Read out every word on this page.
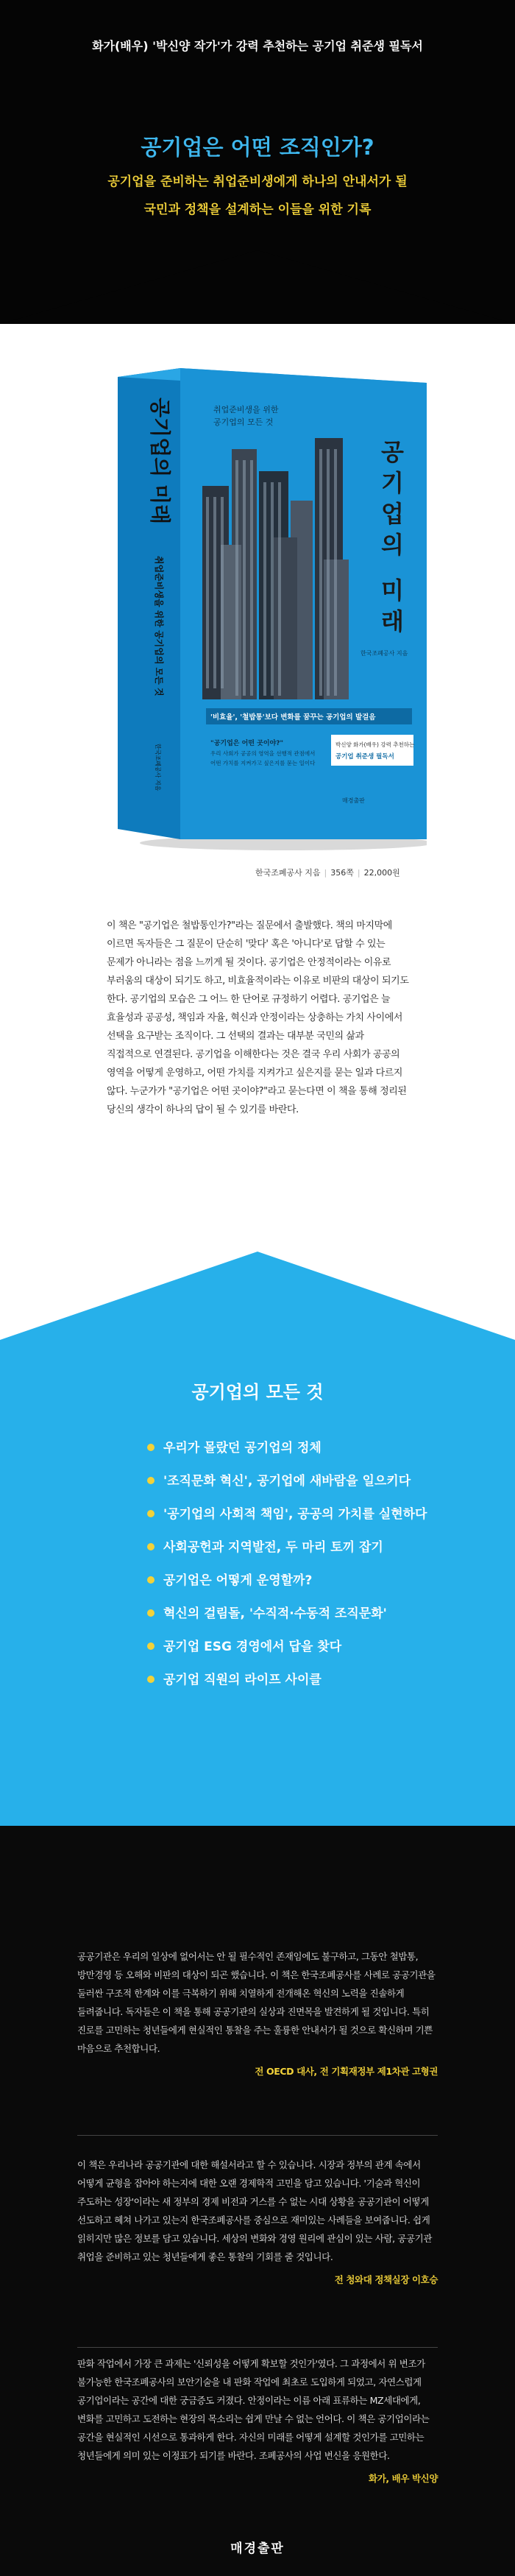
화가(배우) '박신양 작가'가 강력 추천하는 공기업 취준생 필독서
공기업은 어떤 조직인가?
공기업을 준비하는 취업준비생에게 하나의 안내서가 될
국민과 정책을 설계하는 이들을 위한 기록
공
기
업
의
미
래
취업준비생을 위한
공기업의 모든 것
한국조폐공사 지음
'비효율', '철밥통'보다 변화를 꿈꾸는 공기업의 발걸음
"공기업은 어떤 곳이야?"
우리 사회가 공공의 영역을 선행적 관점에서
어떤 가치를 지켜가고 싶은지를 묻는 일이다
박신양 화가(배우) 강력 추천하는
공기업 취준생 필독서
매경출판
공기업의 미래
취업준비생을 위한 공기업의 모든 것
한국조폐공사 지음
한국조폐공사 지음 | 356쪽 | 22,000원

이 책은 "공기업은 철밥통인가?"라는 질문에서 출발했다. 책의 마지막에 이르면 독자들은 그 질문이 단순히 '맞다' 혹은 '아니다'로 답할 수 있는 문제가 아니라는 점을 느끼게 될 것이다. 공기업은 안정적이라는 이유로 부러움의 대상이 되기도 하고, 비효율적이라는 이유로 비판의 대상이 되기도 한다. 공기업의 모습은 그 어느 한 단어로 규정하기 어렵다. 공기업은 늘 효율성과 공공성, 책임과 자율, 혁신과 안정이라는 상충하는 가치 사이에서 선택을 요구받는 조직이다. 그 선택의 결과는 대부분 국민의 삶과 직접적으로 연결된다. 공기업을 이해한다는 것은 결국 우리 사회가 공공의 영역을 어떻게 운영하고, 어떤 가치를 지켜가고 싶은지를 묻는 일과 다르지 않다. 누군가가 "공기업은 어떤 곳이야?"라고 묻는다면 이 책을 통해 정리된 당신의 생각이 하나의 답이 될 수 있기를 바란다.

공기업의 모든 것
우리가 몰랐던 공기업의 정체
'조직문화 혁신', 공기업에 새바람을 일으키다
'공기업의 사회적 책임', 공공의 가치를 실현하다
사회공헌과 지역발전, 두 마리 토끼 잡기
공기업은 어떻게 운영할까?
혁신의 걸림돌, '수직적·수동적 조직문화'
공기업 ESG 경영에서 답을 찾다
공기업 직원의 라이프 사이클

공공기관은 우리의 일상에 없어서는 안 될 필수적인 존재임에도 불구하고, 그동안 철밥통, 방만경영 등 오해와 비판의 대상이 되곤 했습니다. 이 책은 한국조폐공사를 사례로 공공기관을 둘러싼 구조적 한계와 이를 극복하기 위해 치열하게 전개해온 혁신의 노력을 진솔하게 들려줍니다. 독자들은 이 책을 통해 공공기관의 실상과 진면목을 발견하게 될 것입니다. 특히 진로를 고민하는 청년들에게 현실적인 통찰을 주는 훌륭한 안내서가 될 것으로 확신하며 기쁜 마음으로 추천합니다.

전 OECD 대사, 전 기획재정부 제1차관 고형권

이 책은 우리나라 공공기관에 대한 해설서라고 할 수 있습니다. 시장과 정부의 관계 속에서 어떻게 균형을 잡아야 하는지에 대한 오랜 경제학적 고민을 담고 있습니다. '기술과 혁신이 주도하는 성장'이라는 새 정부의 경제 비전과 거스를 수 없는 시대 상황을 공공기관이 어떻게 선도하고 혜쳐 나가고 있는지 한국조폐공사를 중심으로 재미있는 사례들을 보여줍니다. 쉽게 읽히지만 많은 정보를 담고 있습니다. 세상의 변화와 경영 원리에 관심이 있는 사람, 공공기관 취업을 준비하고 있는 청년들에게 좋은 통찰의 기회를 줄 것입니다.

전 청와대 정책실장 이호승

판화 작업에서 가장 큰 과제는 '신뢰성을 어떻게 확보할 것인가'였다. 그 과정에서 위 변조가 불가능한 한국조폐공사의 보안기술을 내 판화 작업에 최초로 도입하게 되었고, 자연스럽게 공기업이라는 공간에 대한 궁금증도 커졌다. 안정이라는 이름 아래 표류하는 MZ세대에게, 변화를 고민하고 도전하는 현장의 목소리는 쉽게 만날 수 없는 언어다. 이 책은 공기업이라는 공간을 현실적인 시선으로 통과하게 한다. 자신의 미래를 어떻게 설계할 것인가를 고민하는 청년들에게 의미 있는 이정표가 되기를 바란다. 조폐공사의 사업 변신을 응원한다.

화가, 배우 박신양
매경출판
